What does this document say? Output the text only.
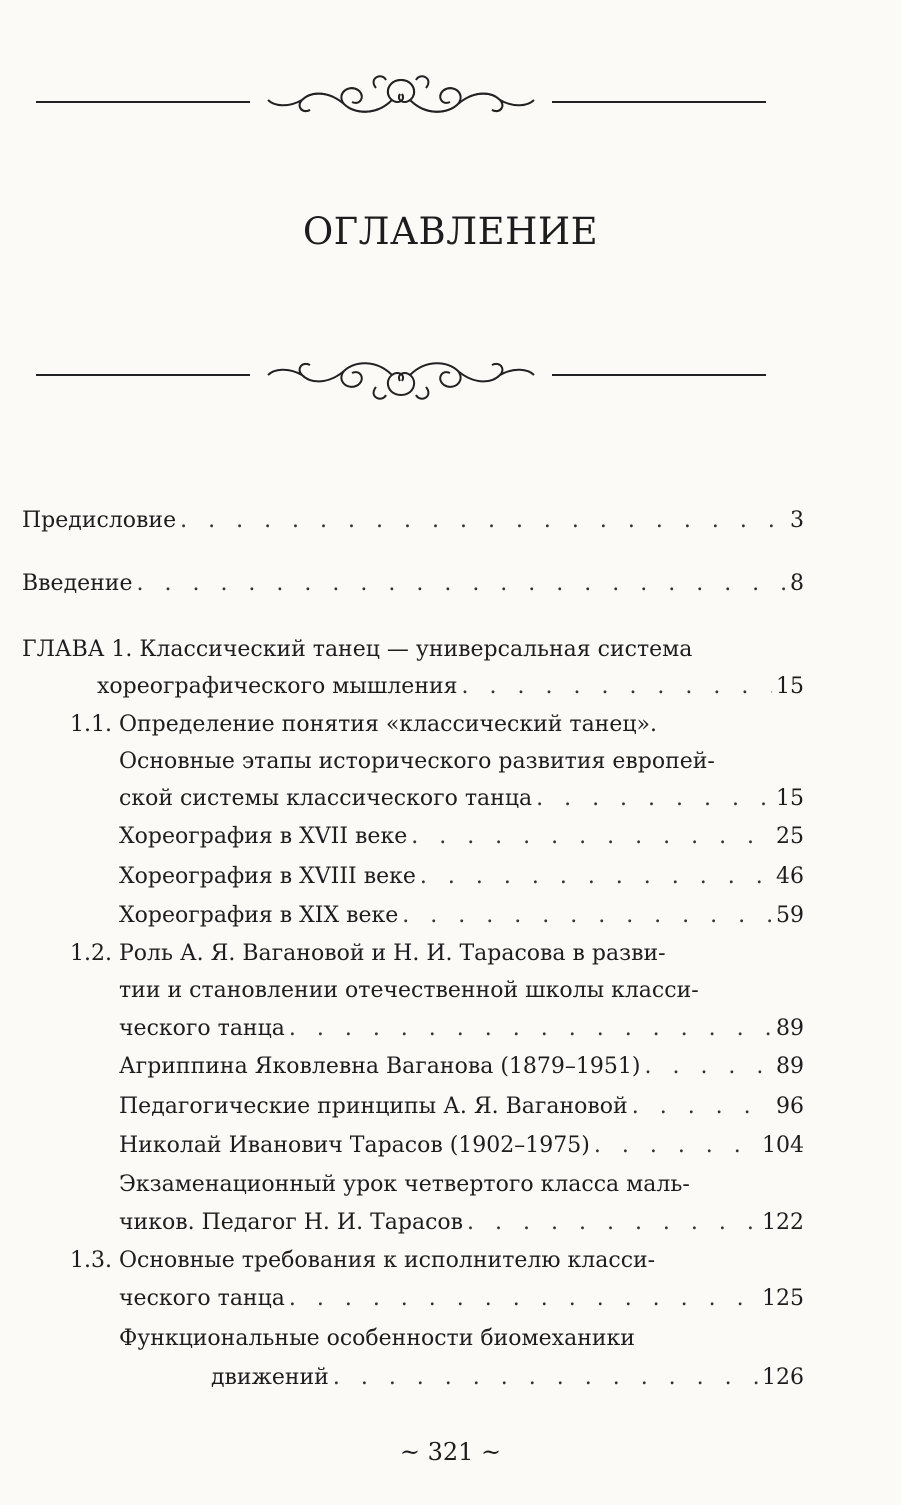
ОГЛАВЛЕНИЕ
Предисловие . . .	3
Введение . . .	8
ГЛАВА 1. Классический танец — универсальная система
хореографического мышления . . .	15
1.1. Определение понятия «классический танец».
Основные этапы исторического развития европей-
ской системы классического танца . . .	15
Хореография в XVII веке . . .	25
Хореография в XVIII веке . . .	46
Хореография в XIX веке . . .	59
1.2. Роль А. Я. Вагановой и Н. И. Тарасова в разви-
тии и становлении отечественной школы класси-
ческого танца . . .	89
Агриппина Яковлевна Ваганова (1879–1951) . . .	89
Педагогические принципы А. Я. Вагановой . . .	96
Николай Иванович Тарасов (1902–1975) . . .	104
Экзаменационный урок четвертого класса маль-
чиков. Педагог Н. И. Тарасов . . .	122
1.3. Основные требования к исполнителю класси-
ческого танца . . .	125
Функциональные особенности биомеханики
движений . . .	126
~ 321 ~
